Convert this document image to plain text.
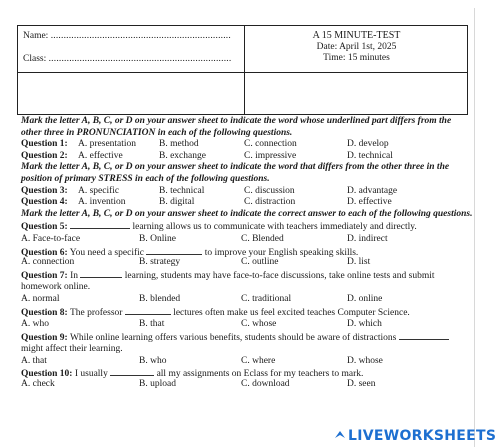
Name: ......................................................................
Class: .......................................................................
A 15 MINUTE-TEST
Date: April 1st, 2025
Time: 15 minutes
Mark the letter A, B, C, or D on your answer sheet to indicate the word whose underlined part differs from the other three in PRONUNCIATION in each of the following questions.
Question 1: A. presentation B. method	C. connection	D. develop
Question 2: A. effective	B. exchange	C. impressive	D. technical
Mark the letter A, B, C, or D on your answer sheet to indicate the word that differs from the other three in the position of primary STRESS in each of the following questions.
Question 3: A. specific	B. technical	C. discussion	D. advantage
Question 4: A. invention	B. digital	C. distraction	D. effective
Mark the letter A, B, C, or D on your answer sheet to indicate the correct answer to each of the following questions.
Question 5:	learning allows us to communicate with teachers immediately and directly.
A. Face-to-face	B. Online	C. Blended	D. indirect
Question 6: You need a specific	to improve your English speaking skills.
A. connection	B. strategy	C. outline	D. list
Question 7: In	learning, students may have face-to-face discussions, take online tests and submit homework online.
A. normal	B. blended	C. traditional	D. online
Question 8: The professor	lectures often make us feel excited teaches Computer Science.
A. who	B. that	C. whose	D. which
Question 9: While online learning offers various benefits, students should be aware of distractions  might affect their learning.
A. that	B. who	C. where	D. whose
Question 10: I usually	all my assignments on Eclass for my teachers to mark.
A. check	B. upload	C. download	D. seen
LIVEWORKSHEETS
